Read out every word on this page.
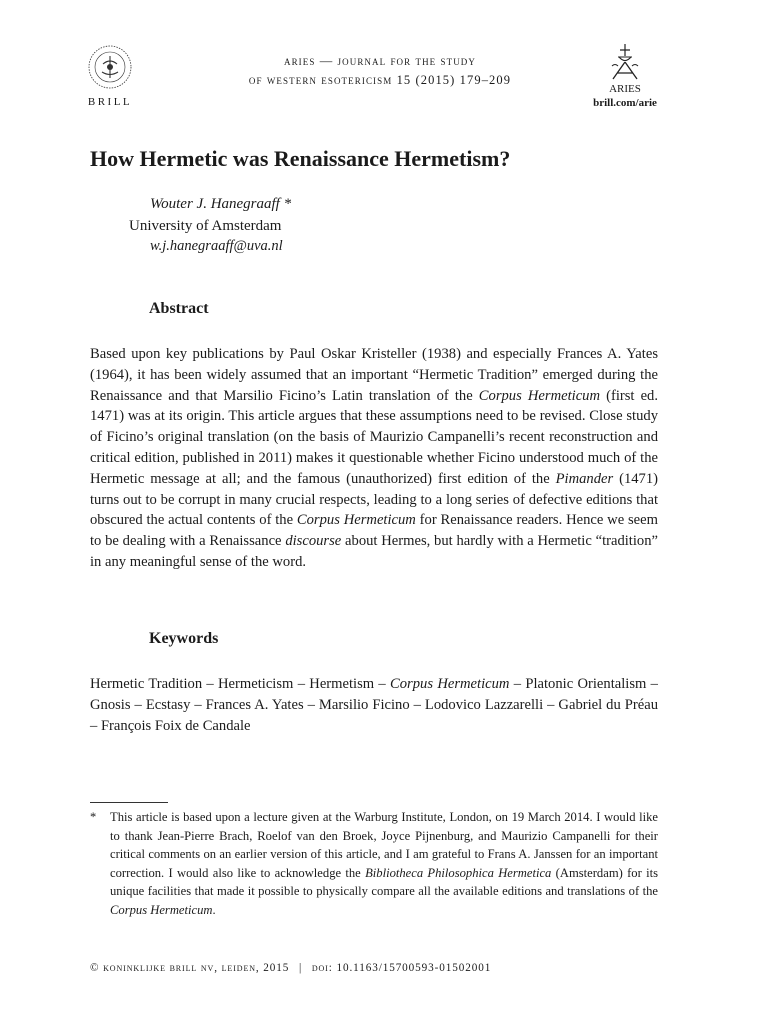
BRILL
aries — journal for the study
of western esotericism 15 (2015) 179–209
ARIES
brill.com/arie
How Hermetic was Renaissance Hermetism?
Wouter J. Hanegraaff *
University of Amsterdam
w.j.hanegraaff@uva.nl
Abstract

Based upon key publications by Paul Oskar Kristeller (1938) and especially Frances A. Yates (1964), it has been widely assumed that an important “Hermetic Tradition” emerged during the Renaissance and that Marsilio Ficino’s Latin translation of the Corpus Hermeticum (first ed. 1471) was at its origin. This article argues that these assumptions need to be revised. Close study of Ficino’s original translation (on the basis of Maurizio Campanelli’s recent reconstruction and critical edition, published in 2011) makes it questionable whether Ficino understood much of the Hermetic message at all; and the famous (unauthorized) first edition of the Pimander (1471) turns out to be corrupt in many crucial respects, leading to a long series of defective editions that obscured the actual contents of the Corpus Hermeticum for Renaissance readers. Hence we seem to be dealing with a Renaissance discourse about Hermes, but hardly with a Hermetic “tradition” in any meaningful sense of the word.

Keywords

Hermetic Tradition – Hermeticism – Hermetism – Corpus Hermeticum – Platonic Orientalism – Gnosis – Ecstasy – Frances A. Yates – Marsilio Ficino – Lodovico Lazzarelli – Gabriel du Préau – François Foix de Candale

* This article is based upon a lecture given at the Warburg Institute, London, on 19 March 2014. I would like to thank Jean-Pierre Brach, Roelof van den Broek, Joyce Pijnenburg, and Maurizio Campanelli for their critical comments on an earlier version of this article, and I am grateful to Frans A. Janssen for an important correction. I would also like to acknowledge the Bibliotheca Philosophica Hermetica (Amsterdam) for its unique facilities that made it possible to physically compare all the available editions and translations of the Corpus Hermeticum.

© koninklijke brill nv, leiden, 2015 | doi: 10.1163/15700593-01502001
